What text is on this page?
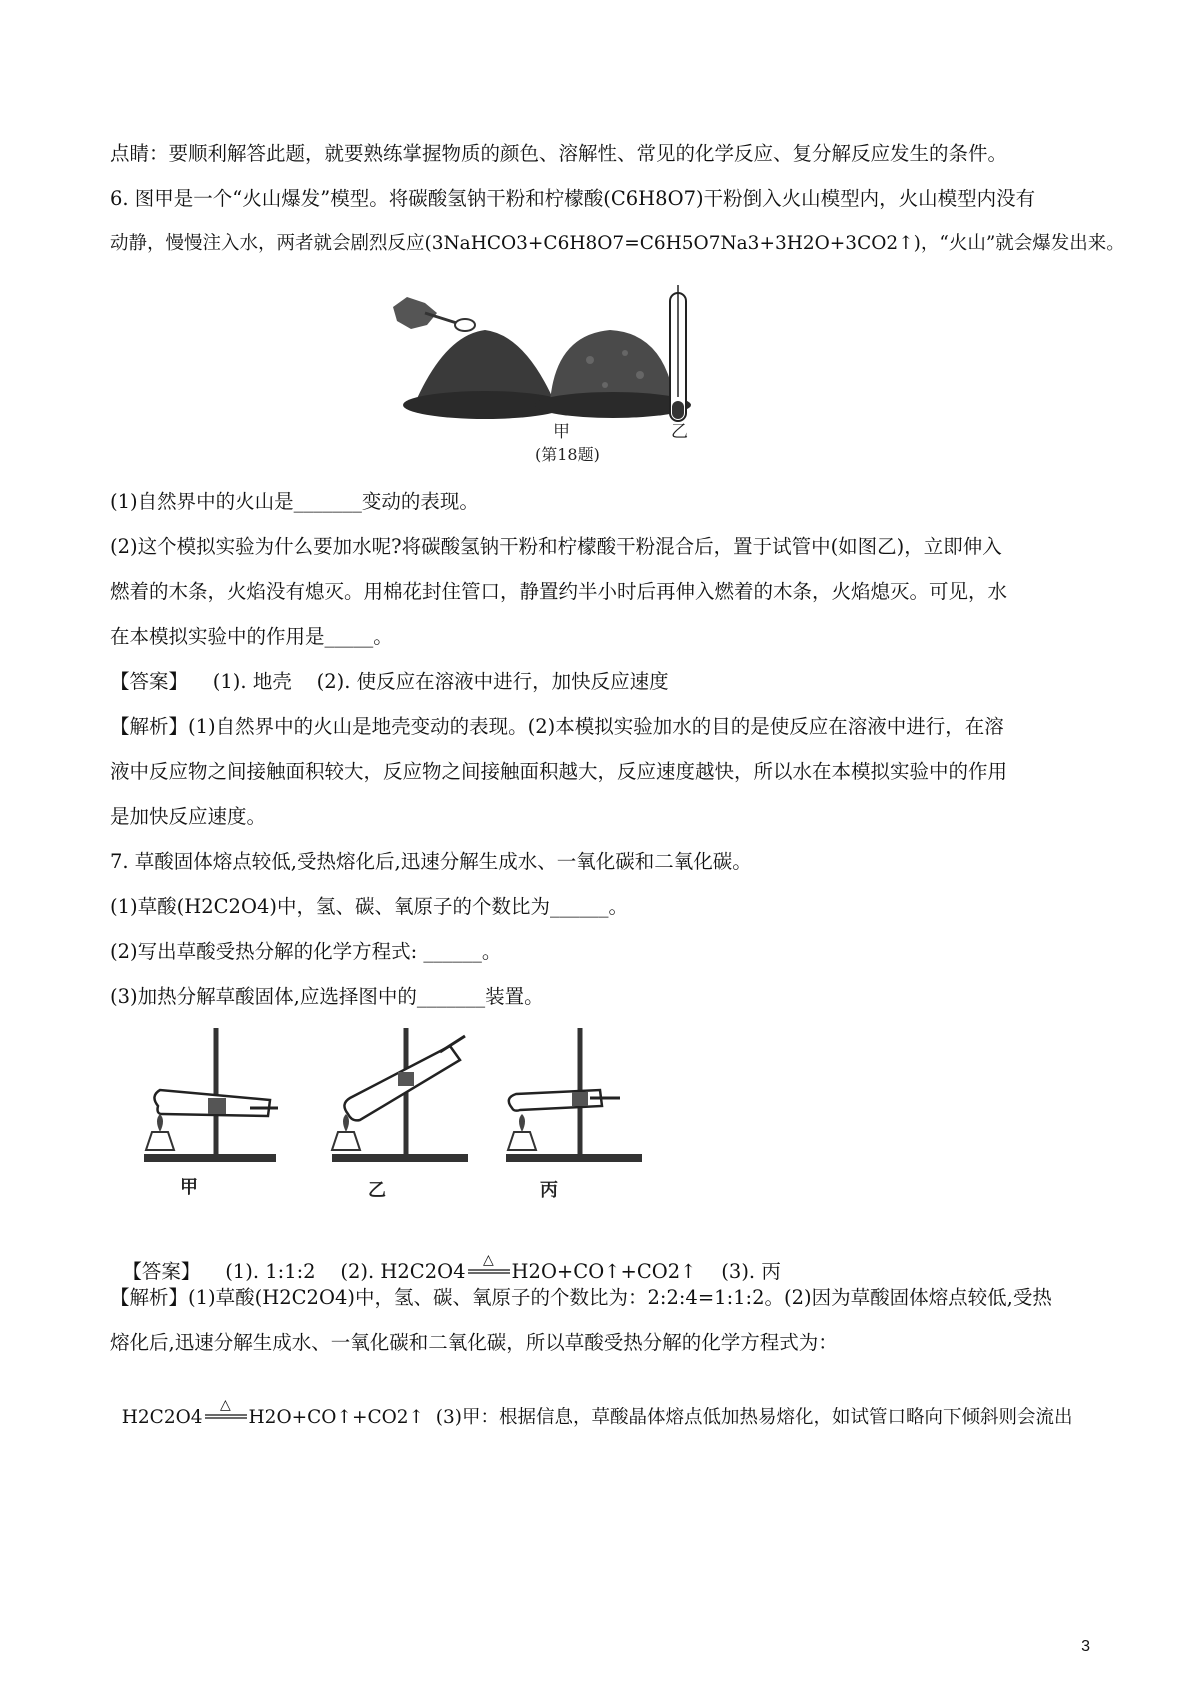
点睛：要顺利解答此题，就要熟练掌握物质的颜色、溶解性、常见的化学反应、复分解反应发生的条件。
6. 图甲是一个“火山爆发”模型。将碳酸氢钠干粉和柠檬酸(C6H8O7)干粉倒入火山模型内，火山模型内没有
动静，慢慢注入水，两者就会剧烈反应(3NaHCO3+C6H8O7=C6H5O7Na3+3H2O+3CO2↑)，“火山”就会爆发出来。
甲	乙
(第18题)
(1)自然界中的火山是_______变动的表现。
(2)这个模拟实验为什么要加水呢?将碳酸氢钠干粉和柠檬酸干粉混合后，置于试管中(如图乙)，立即伸入
燃着的木条，火焰没有熄灭。用棉花封住管口，静置约半小时后再伸入燃着的木条，火焰熄灭。可见，水
在本模拟实验中的作用是_____。
【答案】    (1). 地壳    (2). 使反应在溶液中进行，加快反应速度
【解析】(1)自然界中的火山是地壳变动的表现。(2)本模拟实验加水的目的是使反应在溶液中进行，在溶
液中反应物之间接触面积较大，反应物之间接触面积越大，反应速度越快，所以水在本模拟实验中的作用
是加快反应速度。
7. 草酸固体熔点较低,受热熔化后,迅速分解生成水、一氧化碳和二氧化碳。
(1)草酸(H2C2O4)中，氢、碳、氧原子的个数比为______。
(2)写出草酸受热分解的化学方程式: ______。
(3)加热分解草酸固体,应选择图中的_______装置。
甲	乙	丙

【答案】    (1). 1:1:2    (2). H2C2O4 △ H2O+CO↑+CO2↑    (3). 丙

【解析】(1)草酸(H2C2O4)中，氢、碳、氧原子的个数比为：2:2:4=1:1:2。(2)因为草酸固体熔点较低,受热
熔化后,迅速分解生成水、一氧化碳和二氧化碳，所以草酸受热分解的化学方程式为：

H2C2O4
△
H2O+CO↑+CO2↑  (3)甲：根据信息，草酸晶体熔点低加热易熔化，如试管口略向下倾斜则会流出

3
